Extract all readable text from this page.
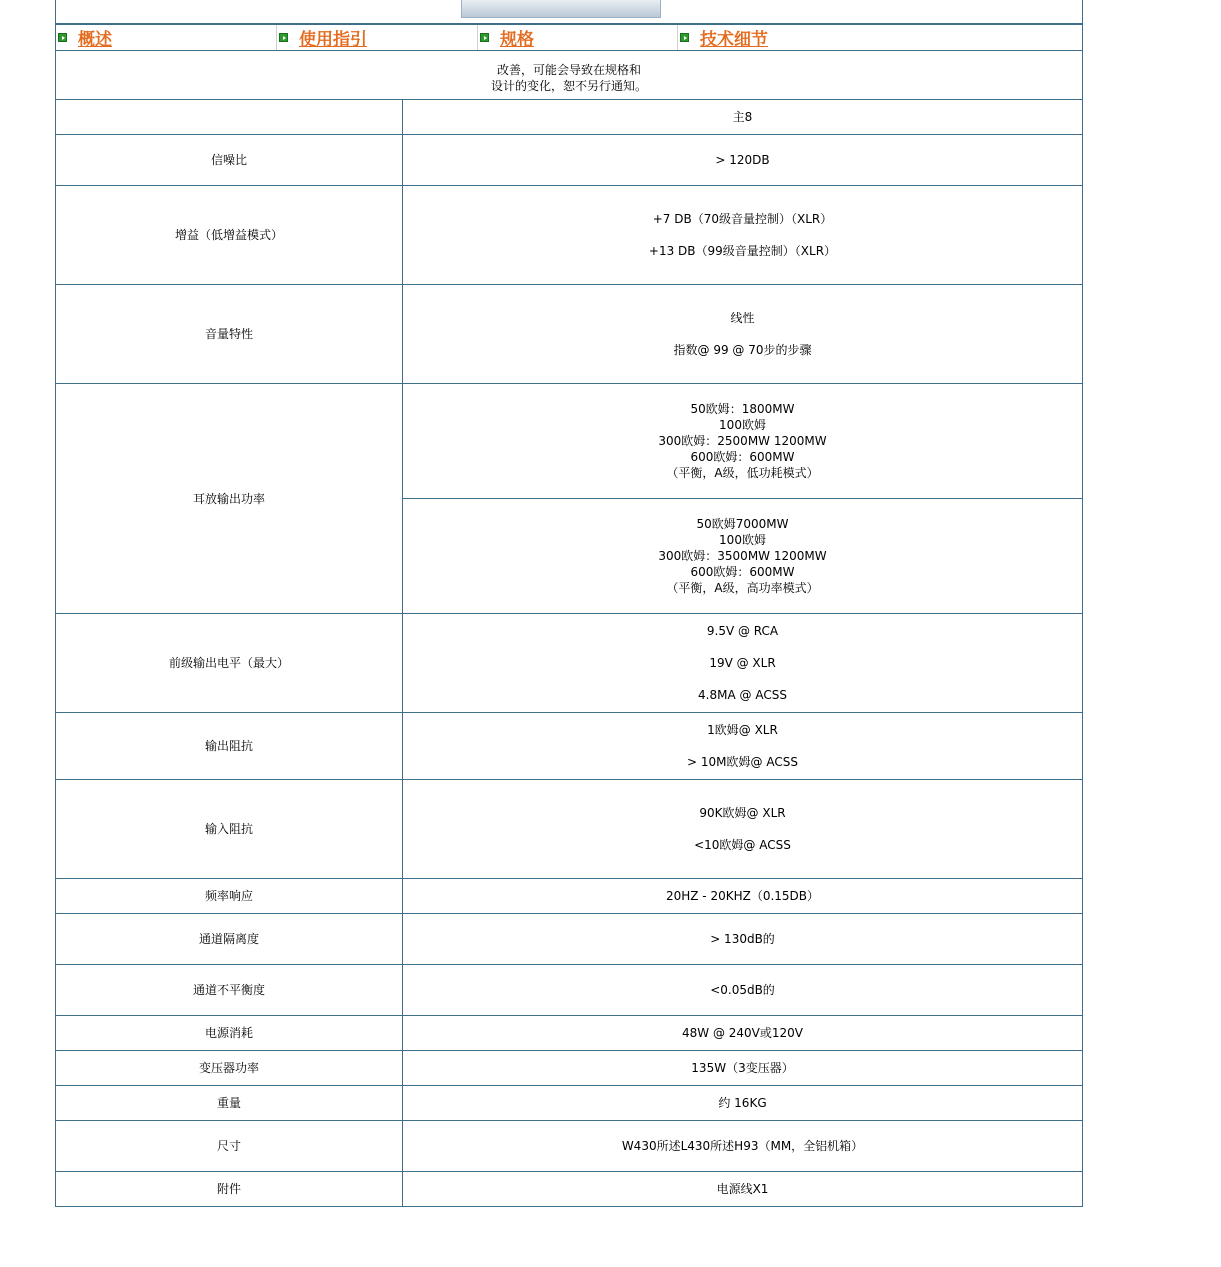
概述	使用指引	规格	技术细节
改善，可能会导致在规格和
设计的变化，恕不另行通知。	

	主8
信噪比	> 120DB
增益（低增益模式）	+7 DB（70级音量控制）（XLR）
+13 DB（99级音量控制）（XLR）

音量特性	线性
指数@ 99 @ 70步的步骤

耳放输出功率	50欧姆：1800MW
100欧姆
300欧姆：2500MW 1200MW
600欧姆：600MW
（平衡，A级，低功耗模式）

	50欧姆7000MW
100欧姆
300欧姆：3500MW 1200MW
600欧姆：600MW
（平衡，A级，高功率模式）

前级输出电平（最大）	9.5V @ RCA
19V @ XLR
4.8MA @ ACSS

输出阻抗	1欧姆@ XLR
> 10M欧姆@ ACSS

输入阻抗	90K欧姆@ XLR
<10欧姆@ ACSS

频率响应	20HZ - 20KHZ（0.15DB）
通道隔离度	> 130dB的
通道不平衡度	<0.05dB的
电源消耗	48W @ 240V或120V
变压器功率	135W（3变压器）
重量	约 16KG
尺寸	W430所述L430所述H93（MM，全铝机箱）
附件	电源线X1
